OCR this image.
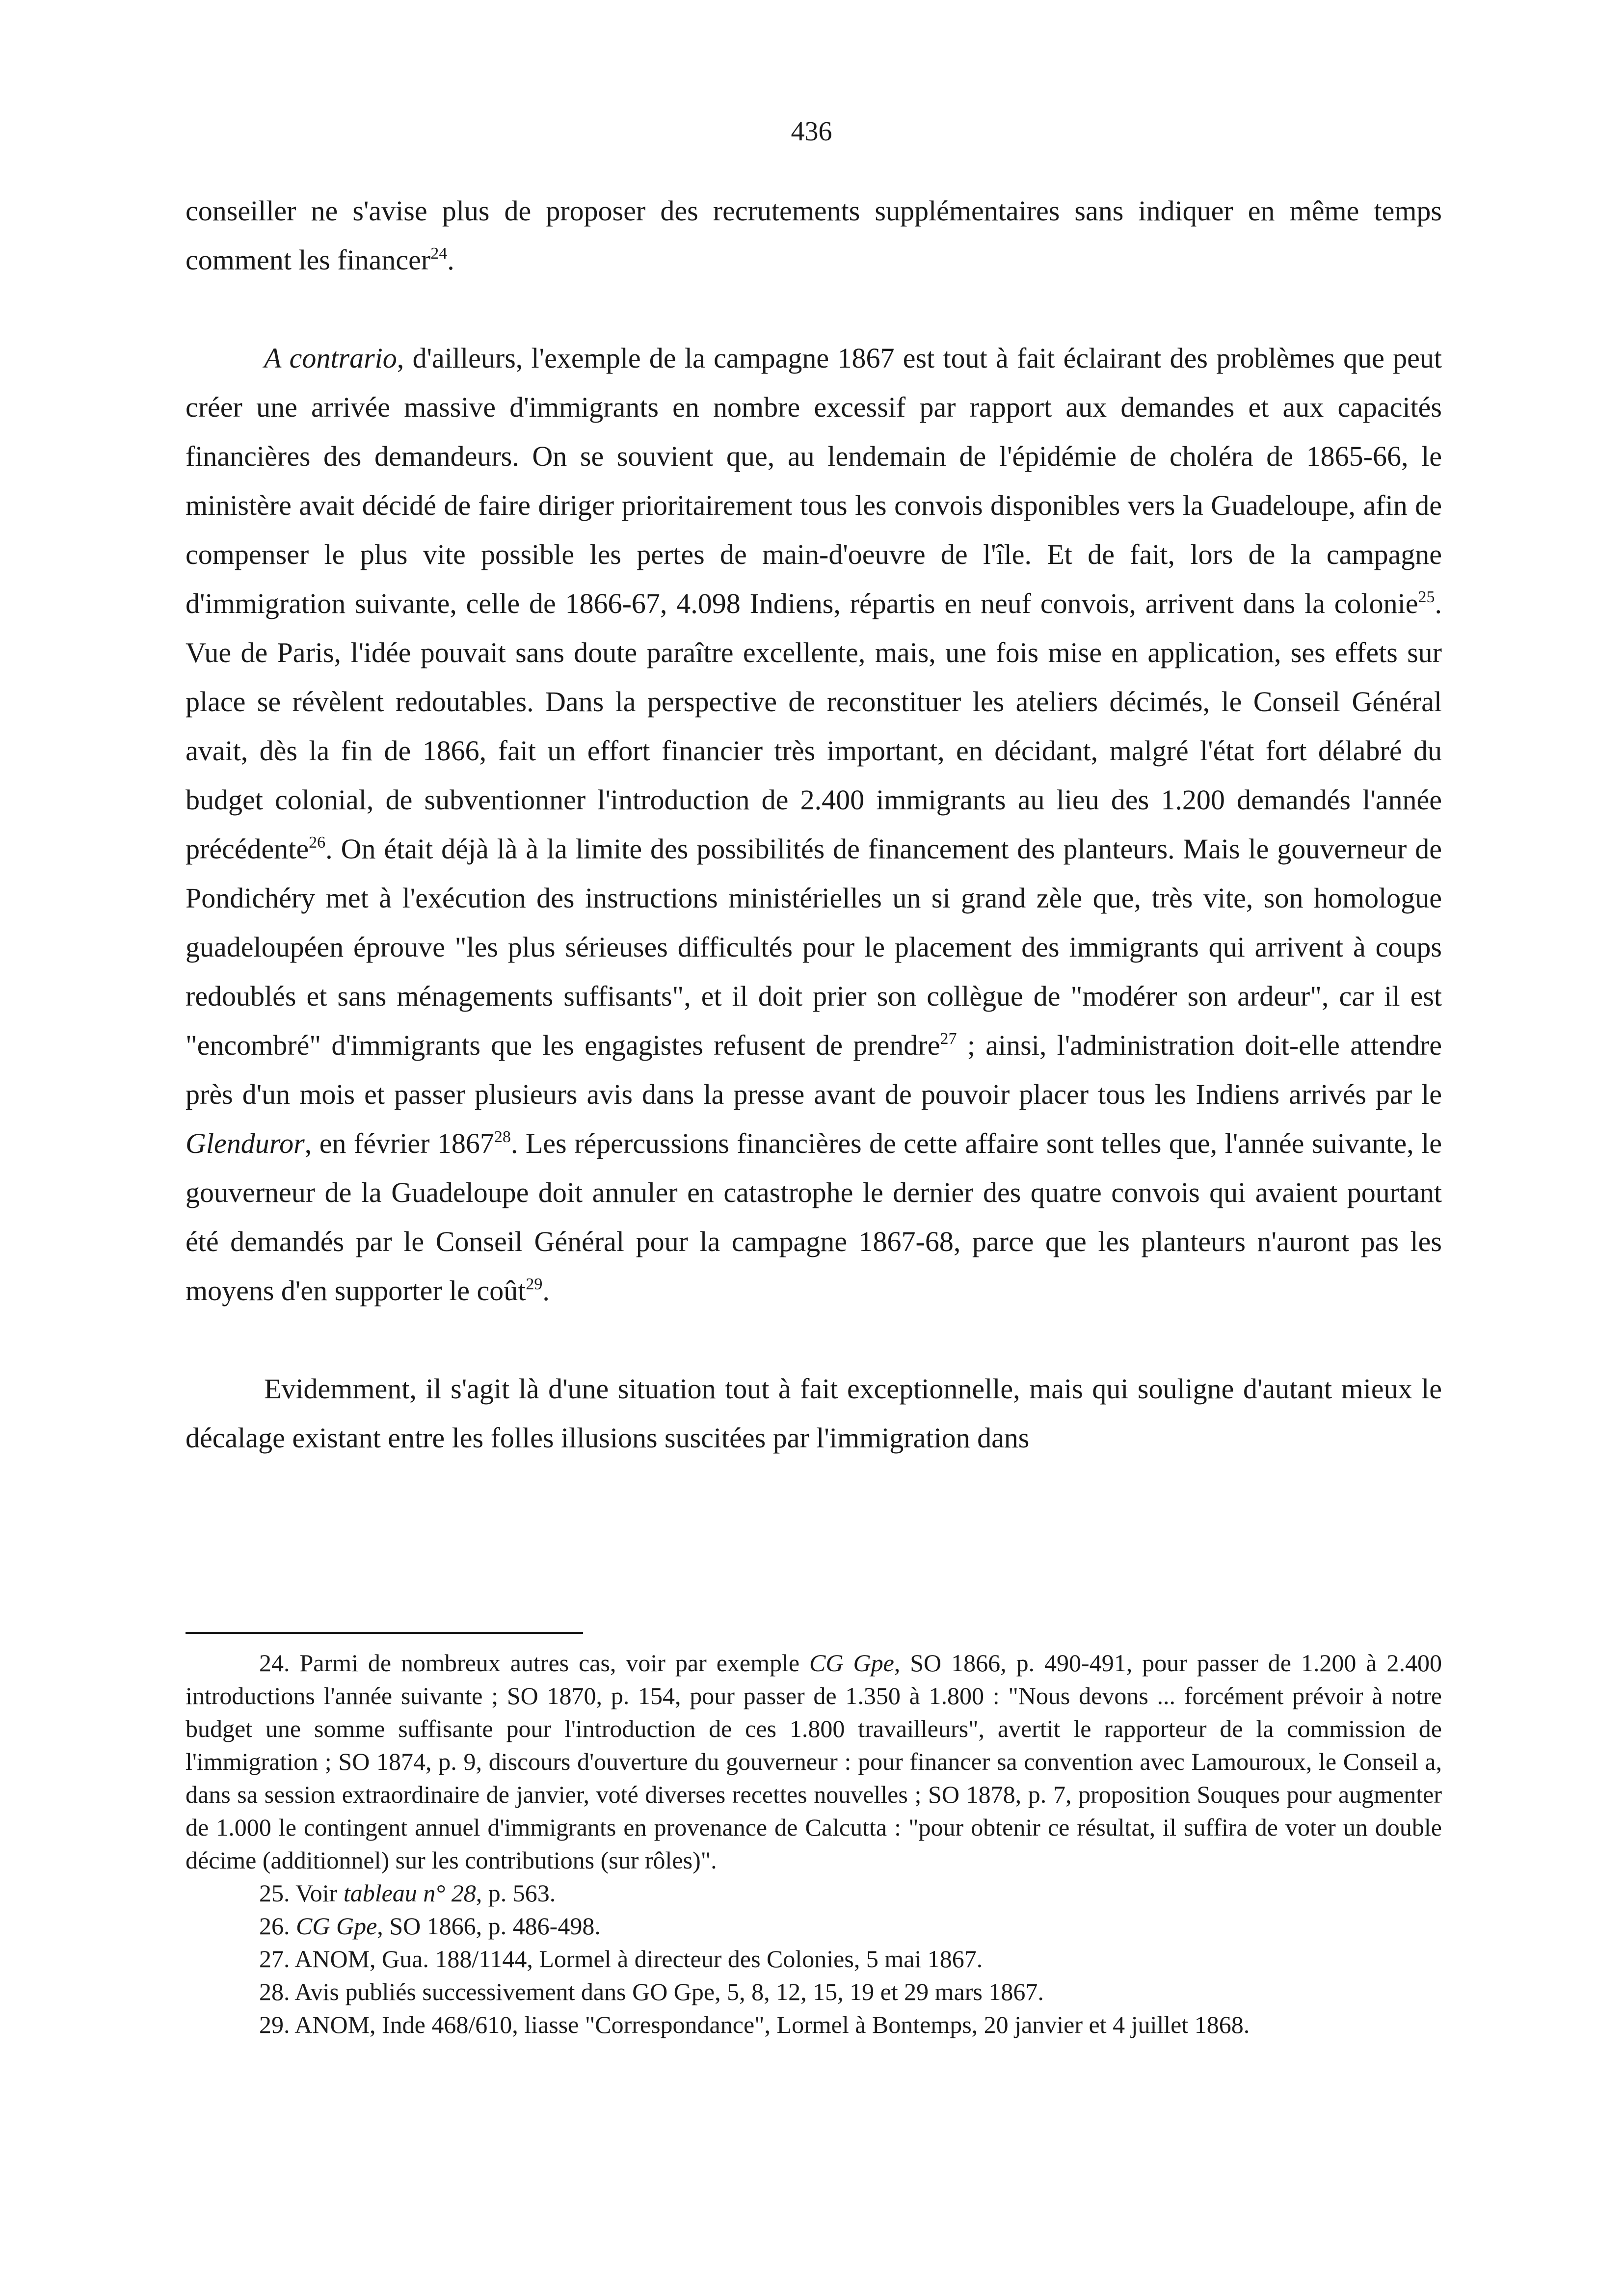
436

conseiller ne s'avise plus de proposer des recrutements supplémentaires sans indiquer en même temps comment les financer$^{24}$.

A contrario, d'ailleurs, l'exemple de la campagne 1867 est tout à fait éclairant des problèmes que peut créer une arrivée massive d'immigrants en nombre excessif par rapport aux demandes et aux capacités financières des demandeurs. On se souvient que, au lendemain de l'épidémie de choléra de 1865-66, le ministère avait décidé de faire diriger prioritairement tous les convois disponibles vers la Guadeloupe, afin de compenser le plus vite possible les pertes de main-d'oeuvre de l'île. Et de fait, lors de la campagne d'immigration suivante, celle de 1866-67, 4.098 Indiens, répartis en neuf convois, arrivent dans la colonie$^{25}$. Vue de Paris, l'idée pouvait sans doute paraître excellente, mais, une fois mise en application, ses effets sur place se révèlent redoutables. Dans la perspective de reconstituer les ateliers décimés, le Conseil Général avait, dès la fin de 1866, fait un effort financier très important, en décidant, malgré l'état fort délabré du budget colonial, de subventionner l'introduction de 2.400 immigrants au lieu des 1.200 demandés l'année précédente$^{26}$. On était déjà là à la limite des possibilités de financement des planteurs. Mais le gouverneur de Pondichéry met à l'exécution des instructions ministérielles un si grand zèle que, très vite, son homologue guadeloupéen éprouve "les plus sérieuses difficultés pour le placement des immigrants qui arrivent à coups redoublés et sans ménagements suffisants", et il doit prier son collègue de "modérer son ardeur", car il est "encombré" d'immigrants que les engagistes refusent de prendre$^{27}$ ; ainsi, l'administration doit-elle attendre près d'un mois et passer plusieurs avis dans la presse avant de pouvoir placer tous les Indiens arrivés par le Glenduror, en février 1867$^{28}$. Les répercussions financières de cette affaire sont telles que, l'année suivante, le gouverneur de la Guadeloupe doit annuler en catastrophe le dernier des quatre convois qui avaient pourtant été demandés par le Conseil Général pour la campagne 1867-68, parce que les planteurs n'auront pas les moyens d'en supporter le coût$^{29}$.

Evidemment, il s'agit là d'une situation tout à fait exceptionnelle, mais qui souligne d'autant mieux le décalage existant entre les folles illusions suscitées par l'immigration dans

24. Parmi de nombreux autres cas, voir par exemple CG Gpe, SO 1866, p. 490-491, pour passer de 1.200 à 2.400 introductions l'année suivante ; SO 1870, p. 154, pour passer de 1.350 à 1.800 : "Nous devons ... forcément prévoir à notre budget une somme suffisante pour l'introduction de ces 1.800 travailleurs", avertit le rapporteur de la commission de l'immigration ; SO 1874, p. 9, discours d'ouverture du gouverneur : pour financer sa convention avec Lamouroux, le Conseil a, dans sa session extraordinaire de janvier, voté diverses recettes nouvelles ; SO 1878, p. 7, proposition Souques pour augmenter de 1.000 le contingent annuel d'immigrants en provenance de Calcutta : "pour obtenir ce résultat, il suffira de voter un double décime (additionnel) sur les contributions (sur rôles)".

25. Voir tableau n° 28, p. 563.

26. CG Gpe, SO 1866, p. 486-498.

27. ANOM, Gua. 188/1144, Lormel à directeur des Colonies, 5 mai 1867.

28. Avis publiés successivement dans GO Gpe, 5, 8, 12, 15, 19 et 29 mars 1867.

29. ANOM, Inde 468/610, liasse "Correspondance", Lormel à Bontemps, 20 janvier et 4 juillet 1868.
